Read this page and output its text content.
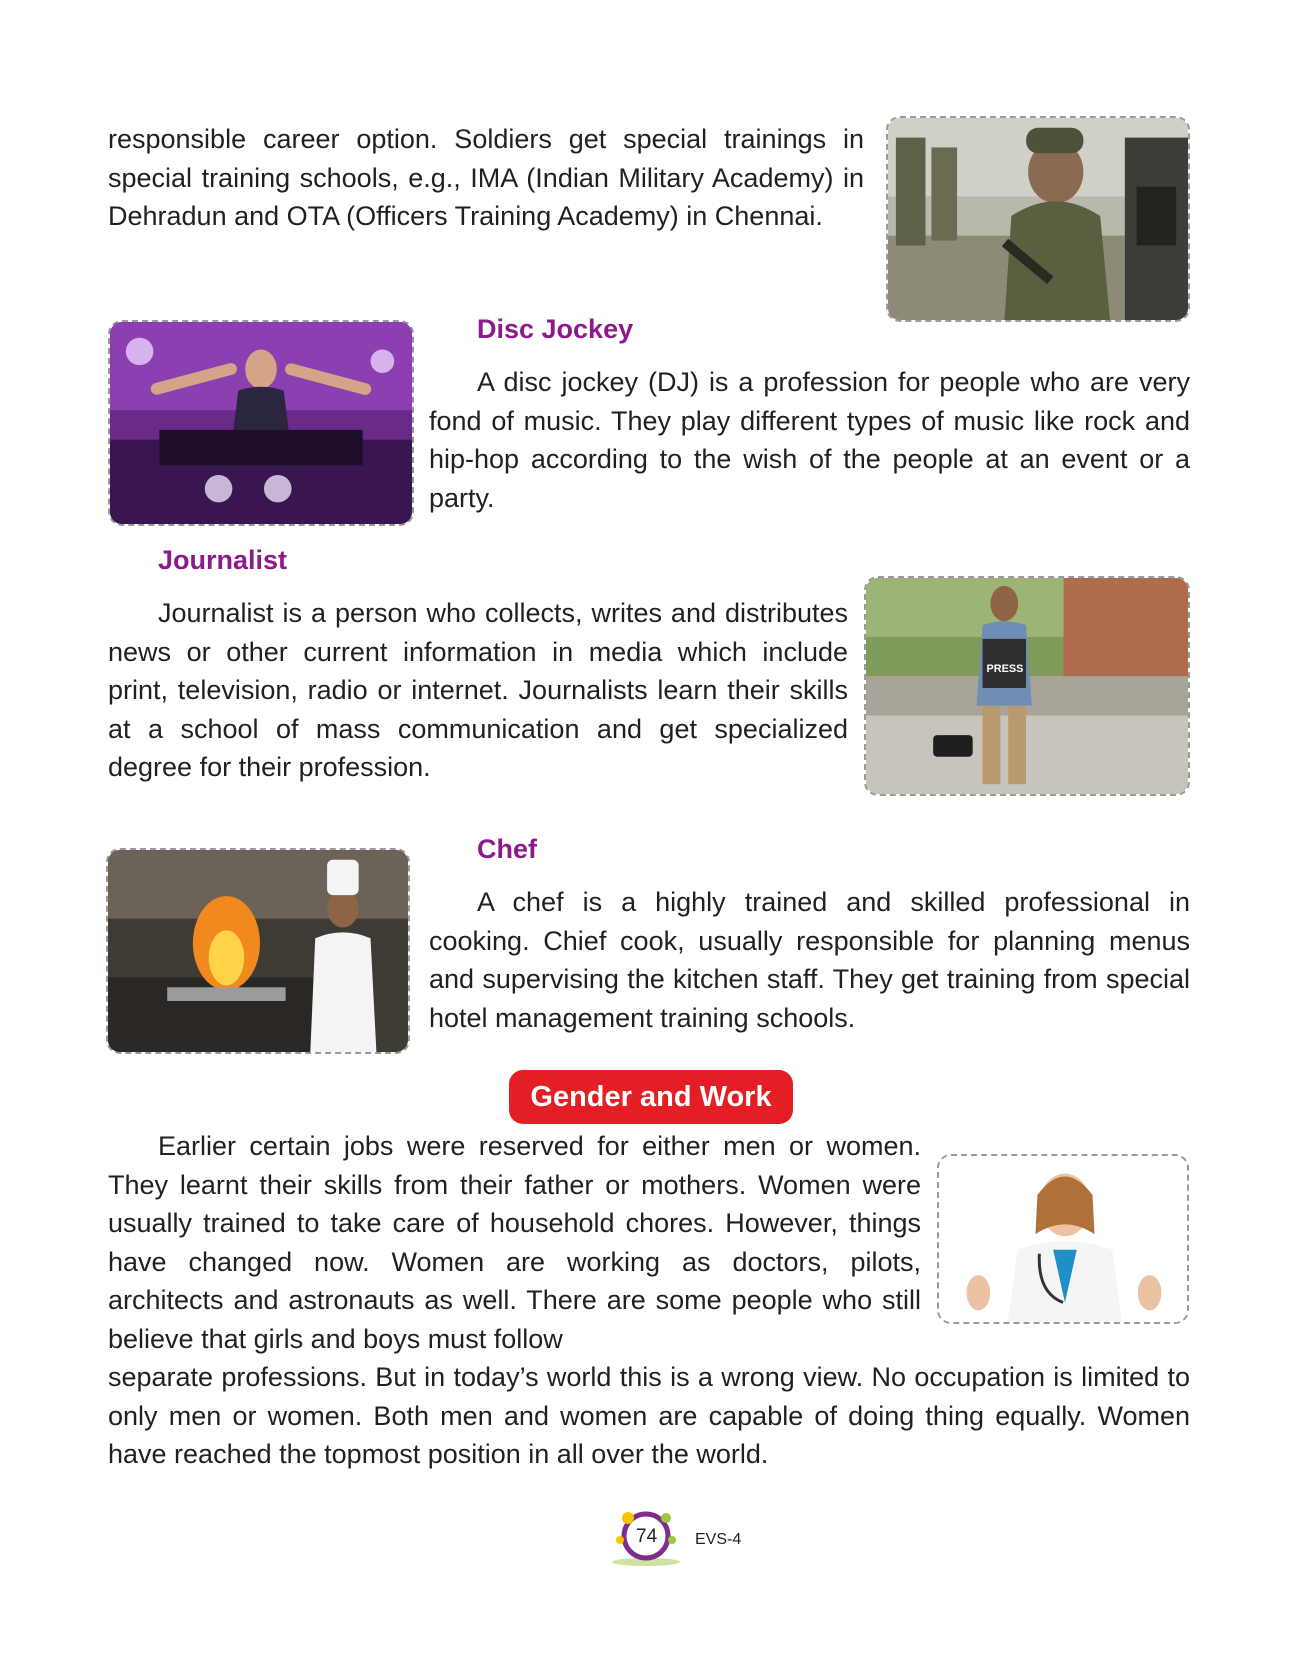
responsible career option. Soldiers get special trainings in special training schools, e.g., IMA (Indian Military Academy) in Dehradun and OTA (Officers Training Academy) in Chennai.

Disc Jockey

A disc jockey (DJ) is a profession for people who are very fond of music. They play different types of music like rock and hip-hop according to the wish of the people at an event or a party.

Journalist

Journalist is a person who collects, writes and distributes news or other current information in media which include print, television, radio or internet. Journalists learn their skills at a school of mass communication and get specialized degree for their profession.

PRESS
Chef

A chef is a highly trained and skilled professional in cooking. Chief cook, usually responsible for planning menus and supervising the kitchen staff. They get training from special hotel management training schools.

Gender and Work

Earlier certain jobs were reserved for either men or women. They learnt their skills from their father or mothers. Women were usually trained to take care of household chores. However, things have changed now. Women are working as doctors, pilots, architects and astronauts as well. There are some people who still believe that girls and boys must follow

separate professions. But in today’s world this is a wrong view. No occupation is limited to only men or women. Both men and women are capable of doing thing equally. Women have reached the topmost position in all over the world.

74 EVS-4
